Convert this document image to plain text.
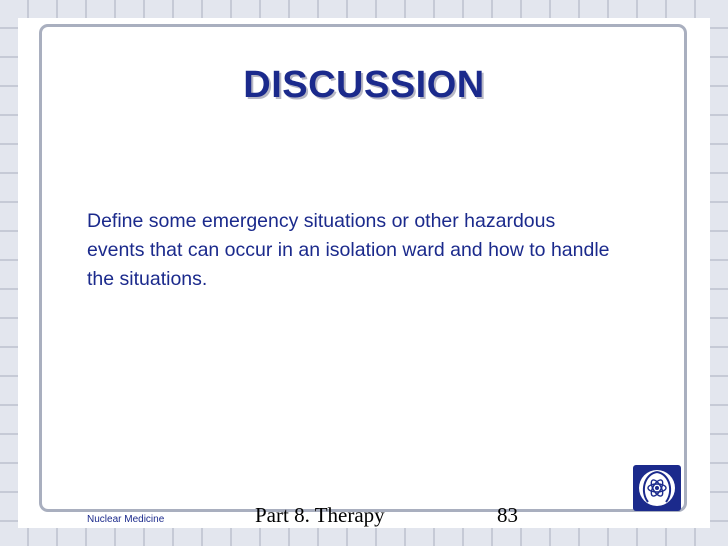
DISCUSSION
Define some emergency situations or other hazardous events that can occur in an isolation ward and how to handle the situations.
Nuclear Medicine	Part 8. Therapy	83
